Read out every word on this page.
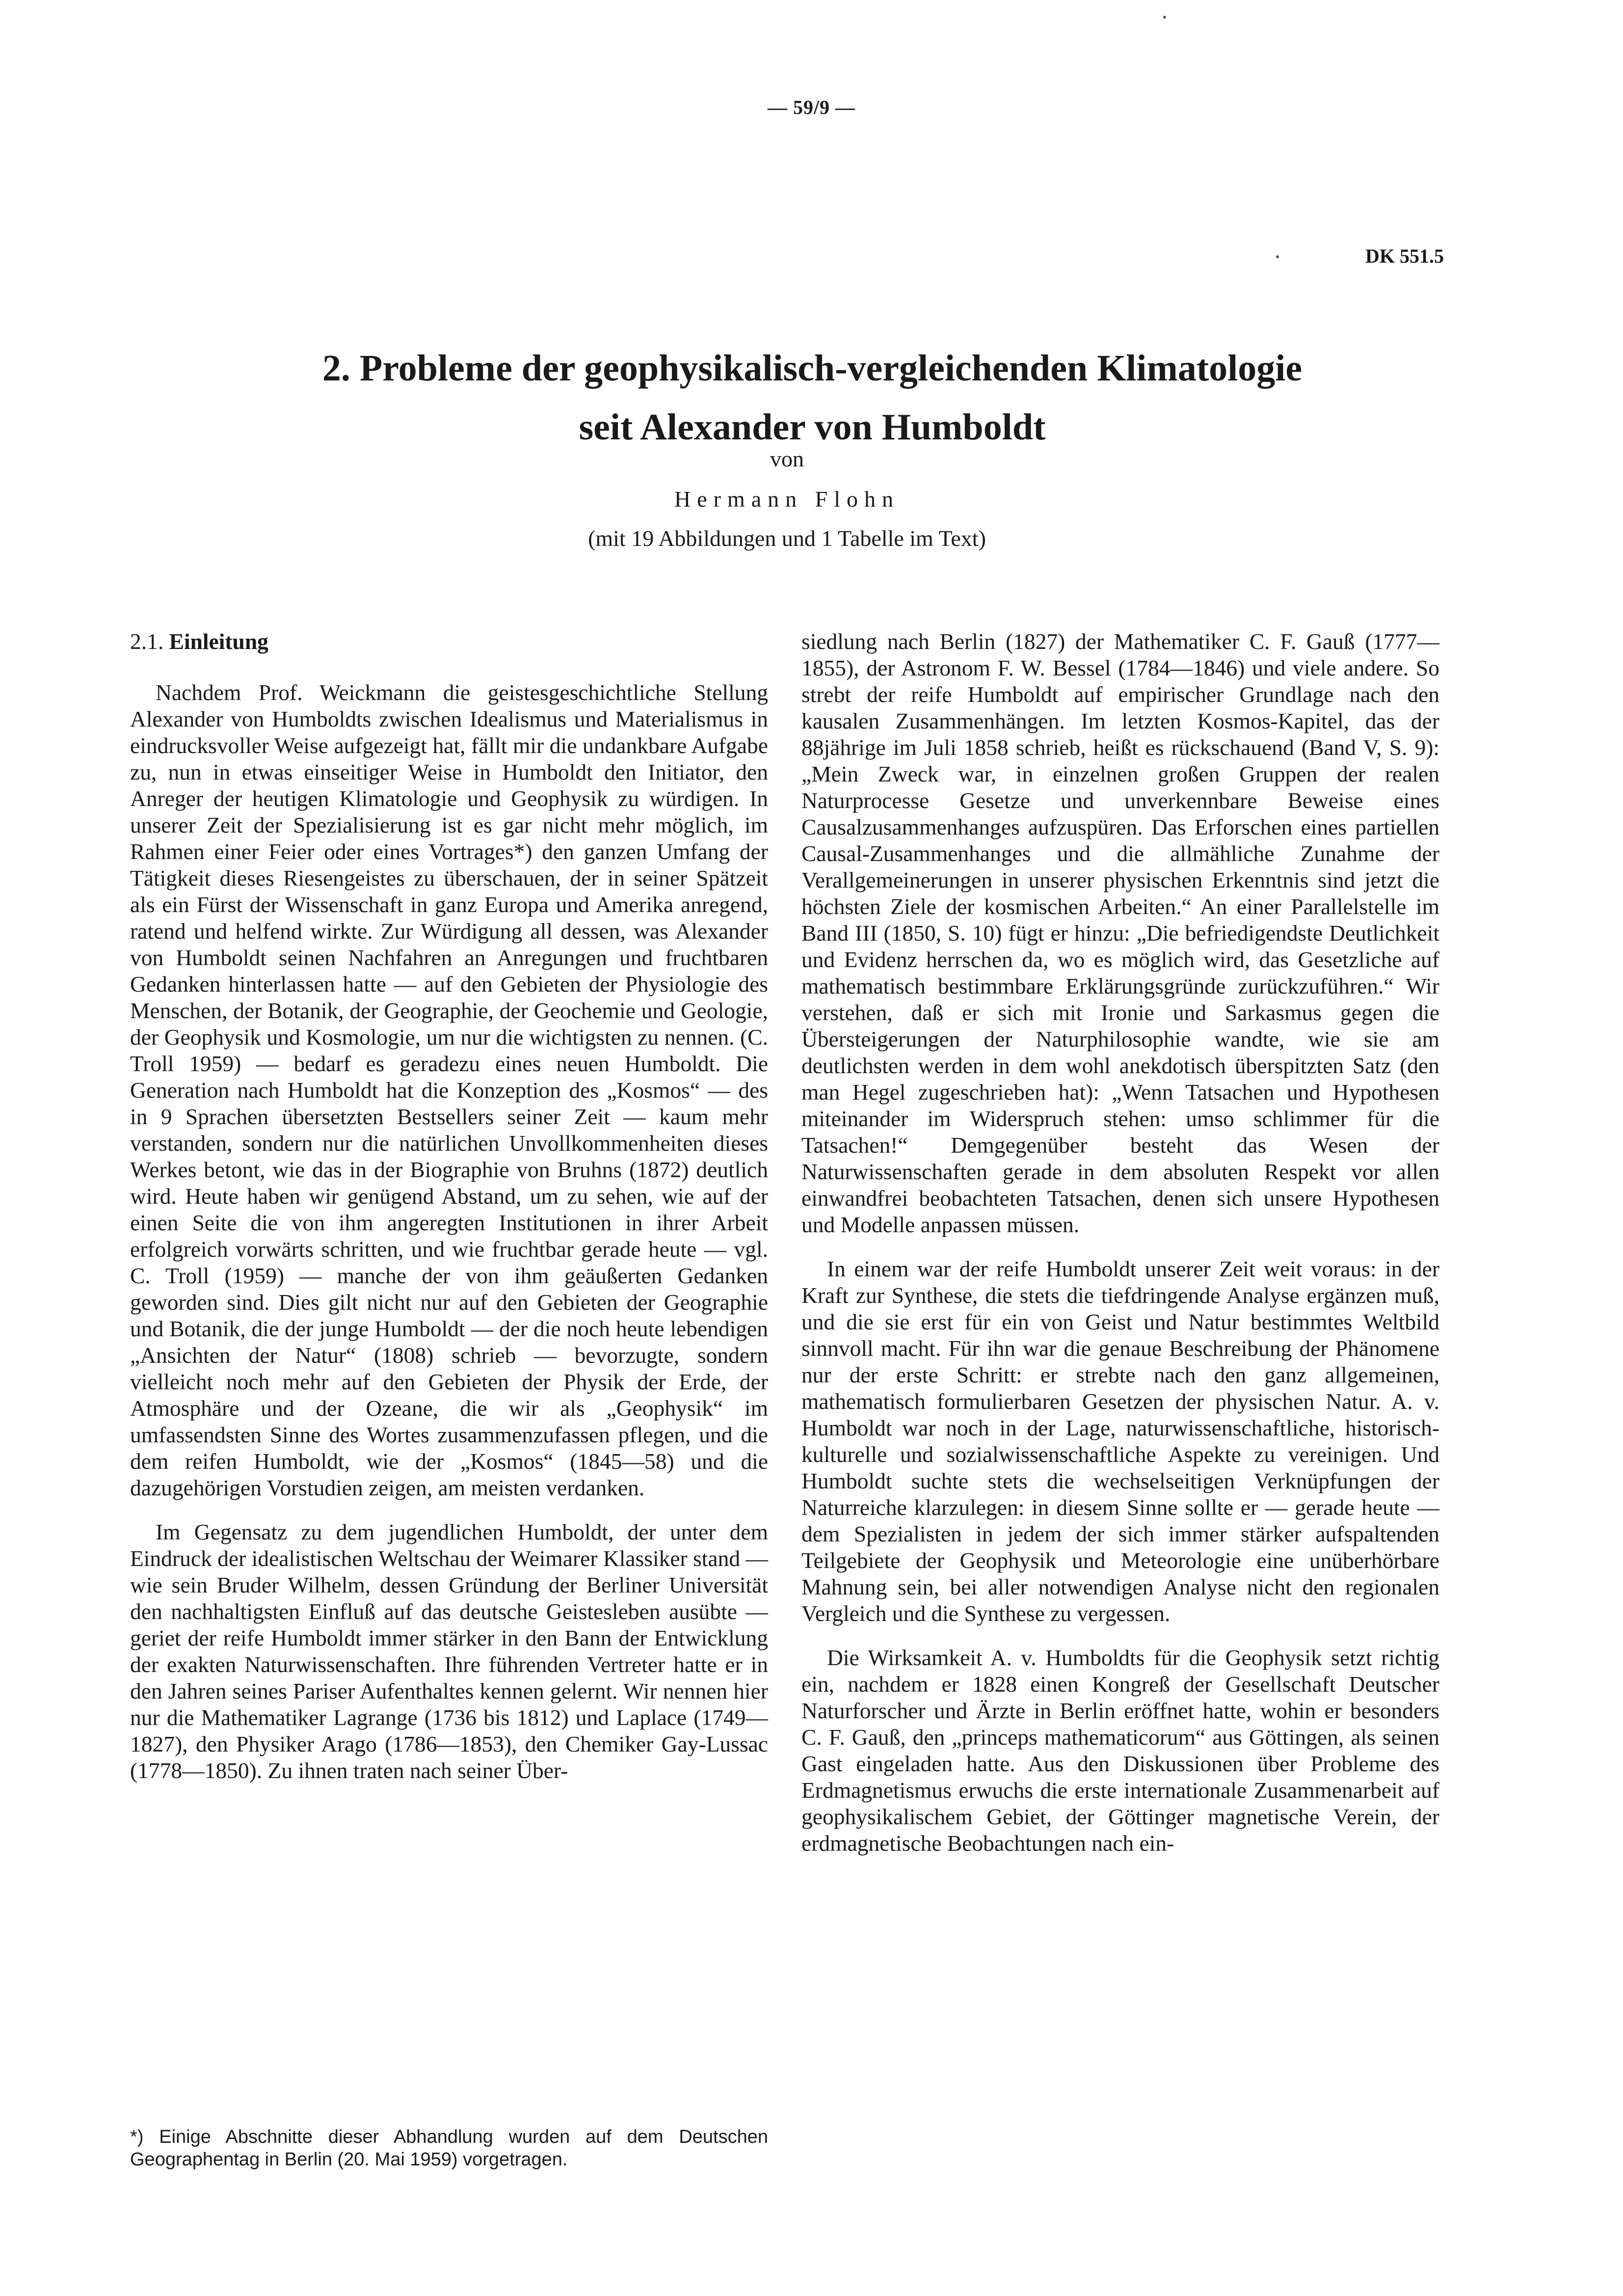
— 59/9 —
DK 551.5
2. Probleme der geophysikalisch-vergleichenden Klimatologie
seit Alexander von Humboldt
von
Hermann Flohn
(mit 19 Abbildungen und 1 Tabelle im Text)
2.1. Einleitung

Nachdem Prof. Weickmann die geistesgeschichtliche Stellung Alexander von Humboldts zwischen Idealismus und Materialismus in eindrucksvoller Weise aufgezeigt hat, fällt mir die undankbare Aufgabe zu, nun in etwas einseitiger Weise in Humboldt den Initiator, den Anreger der heutigen Klimatologie und Geophysik zu würdigen. In unserer Zeit der Spezialisierung ist es gar nicht mehr möglich, im Rahmen einer Feier oder eines Vortrages*) den ganzen Umfang der Tätigkeit dieses Riesengeistes zu überschauen, der in seiner Spätzeit als ein Fürst der Wissenschaft in ganz Europa und Amerika anregend, ratend und helfend wirkte. Zur Würdigung all dessen, was Alexander von Humboldt seinen Nachfahren an Anregungen und fruchtbaren Gedanken hinterlassen hatte — auf den Gebieten der Physiologie des Menschen, der Botanik, der Geographie, der Geochemie und Geologie, der Geophysik und Kosmologie, um nur die wichtigsten zu nennen. (C. Troll 1959) — bedarf es geradezu eines neuen Humboldt. Die Generation nach Humboldt hat die Konzeption des „Kosmos“ — des in 9 Sprachen übersetzten Bestsellers seiner Zeit — kaum mehr verstanden, sondern nur die natürlichen Unvollkommenheiten dieses Werkes betont, wie das in der Biographie von Bruhns (1872) deutlich wird. Heute haben wir genügend Abstand, um zu sehen, wie auf der einen Seite die von ihm angeregten Institutionen in ihrer Arbeit erfolgreich vorwärts schritten, und wie fruchtbar gerade heute — vgl. C. Troll (1959) — manche der von ihm geäußerten Gedanken geworden sind. Dies gilt nicht nur auf den Gebieten der Geographie und Botanik, die der junge Humboldt — der die noch heute lebendigen „Ansichten der Natur“ (1808) schrieb — bevorzugte, sondern vielleicht noch mehr auf den Gebieten der Physik der Erde, der Atmosphäre und der Ozeane, die wir als „Geophysik“ im umfassendsten Sinne des Wortes zusammenzufassen pflegen, und die dem reifen Humboldt, wie der „Kosmos“ (1845—58) und die dazugehörigen Vorstudien zeigen, am meisten verdanken.

Im Gegensatz zu dem jugendlichen Humboldt, der unter dem Eindruck der idealistischen Weltschau der Weimarer Klassiker stand — wie sein Bruder Wilhelm, dessen Gründung der Berliner Universität den nachhaltigsten Einfluß auf das deutsche Geistesleben ausübte — geriet der reife Humboldt immer stärker in den Bann der Entwicklung der exakten Naturwissenschaften. Ihre führenden Vertreter hatte er in den Jahren seines Pariser Aufenthaltes kennen gelernt. Wir nennen hier nur die Mathematiker Lagrange (1736 bis 1812) und Laplace (1749—1827), den Physiker Arago (1786—1853), den Chemiker Gay-Lussac (1778—1850). Zu ihnen traten nach seiner Über-

siedlung nach Berlin (1827) der Mathematiker C. F. Gauß (1777—1855), der Astronom F. W. Bessel (1784—1846) und viele andere. So strebt der reife Humboldt auf empirischer Grundlage nach den kausalen Zusammenhängen. Im letzten Kosmos-Kapitel, das der 88jährige im Juli 1858 schrieb, heißt es rückschauend (Band V, S. 9): „Mein Zweck war, in einzelnen großen Gruppen der realen Naturprocesse Gesetze und unverkennbare Beweise eines Causalzusammenhanges aufzuspüren. Das Erforschen eines partiellen Causal-Zusammenhanges und die allmähliche Zunahme der Verallgemeinerungen in unserer physischen Erkenntnis sind jetzt die höchsten Ziele der kosmischen Arbeiten.“ An einer Parallelstelle im Band III (1850, S. 10) fügt er hinzu: „Die befriedigendste Deutlichkeit und Evidenz herrschen da, wo es möglich wird, das Gesetzliche auf mathematisch bestimmbare Erklärungsgründe zurückzuführen.“ Wir verstehen, daß er sich mit Ironie und Sarkasmus gegen die Übersteigerungen der Naturphilosophie wandte, wie sie am deutlichsten werden in dem wohl anekdotisch überspitzten Satz (den man Hegel zugeschrieben hat): „Wenn Tatsachen und Hypothesen miteinander im Widerspruch stehen: umso schlimmer für die Tatsachen!“ Demgegenüber besteht das Wesen der Naturwissenschaften gerade in dem absoluten Respekt vor allen einwandfrei beobachteten Tatsachen, denen sich unsere Hypothesen und Modelle anpassen müssen.

In einem war der reife Humboldt unserer Zeit weit voraus: in der Kraft zur Synthese, die stets die tiefdringende Analyse ergänzen muß, und die sie erst für ein von Geist und Natur bestimmtes Weltbild sinnvoll macht. Für ihn war die genaue Beschreibung der Phänomene nur der erste Schritt: er strebte nach den ganz allgemeinen, mathematisch formulierbaren Gesetzen der physischen Natur. A. v. Humboldt war noch in der Lage, naturwissenschaftliche, historisch-kulturelle und sozialwissenschaftliche Aspekte zu vereinigen. Und Humboldt suchte stets die wechselseitigen Verknüpfungen der Naturreiche klarzulegen: in diesem Sinne sollte er — gerade heute — dem Spezialisten in jedem der sich immer stärker aufspaltenden Teilgebiete der Geophysik und Meteorologie eine unüberhörbare Mahnung sein, bei aller notwendigen Analyse nicht den regionalen Vergleich und die Synthese zu vergessen.

Die Wirksamkeit A. v. Humboldts für die Geophysik setzt richtig ein, nachdem er 1828 einen Kongreß der Gesellschaft Deutscher Naturforscher und Ärzte in Berlin eröffnet hatte, wohin er besonders C. F. Gauß, den „princeps mathematicorum“ aus Göttingen, als seinen Gast eingeladen hatte. Aus den Diskussionen über Probleme des Erdmagnetismus erwuchs die erste internationale Zusammenarbeit auf geophysikalischem Gebiet, der Göttinger magnetische Verein, der erdmagnetische Beobachtungen nach ein-

*) Einige Abschnitte dieser Abhandlung wurden auf dem Deutschen Geographentag in Berlin (20. Mai 1959) vorgetragen.
